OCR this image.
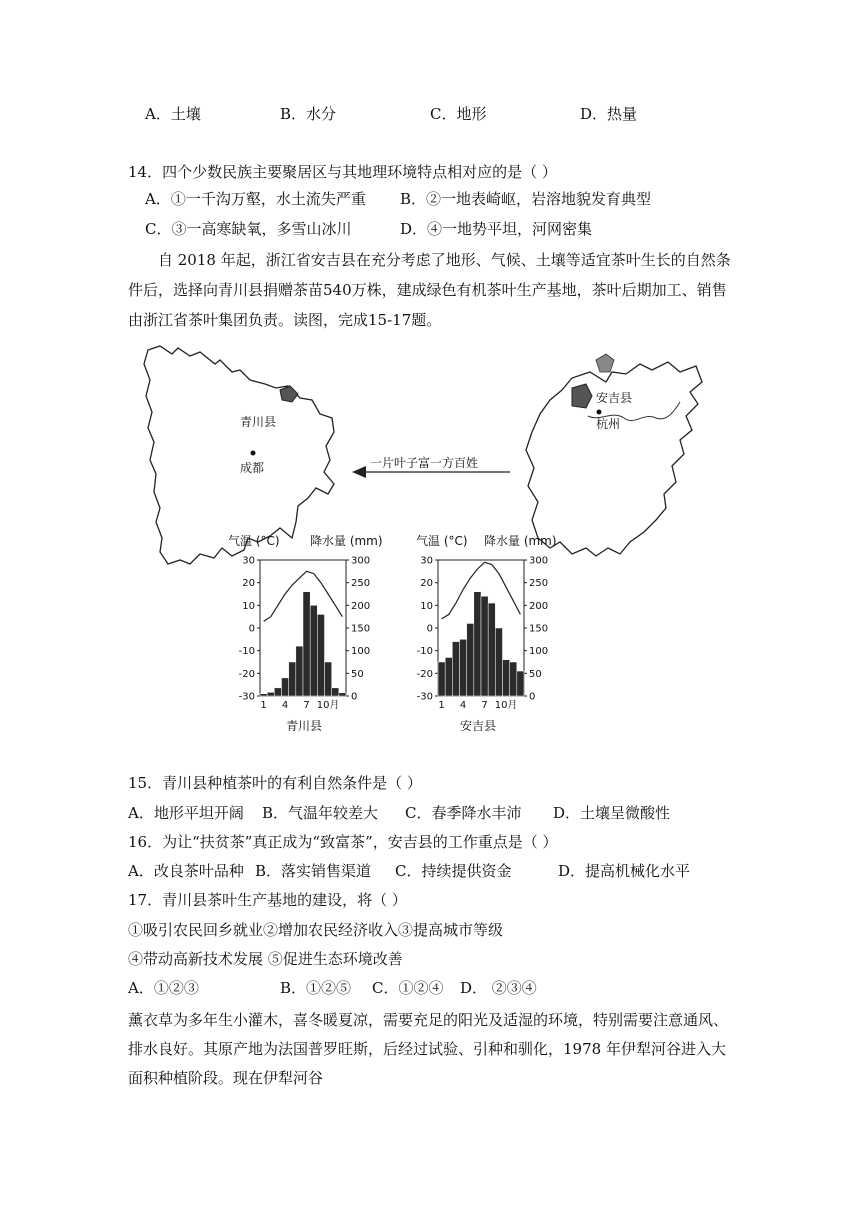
A．土壤	B．水分	C．地形	D．热量
14．四个少数民族主要聚居区与其地理环境特点相对应的是（ ）
A．①一千沟万壑，水土流失严重 B．②一地表崎岖，岩溶地貌发育典型
C．③一高寒缺氧，多雪山冰川	D．④一地势平坦，河网密集
自 2018 年起，浙江省安吉县在充分考虑了地形、气候、土壤等适宜茶叶生长的自然条
件后，选择向青川县捐赠茶苗540万株，建成绿色有机茶叶生产基地，茶叶后期加工、销售
由浙江省茶叶集团负责。读图，完成15-17题。
青川县
成都
安吉县
杭州
一片叶子富一方百姓
气温 (°C)	降水量 (mm)
30
20
10
0
-10
-20
-30
300
250
200
150
100
50
0
1 4 7 10月
青川县
气温 (°C) 降水量 (mm)
30
20
10
0
-10
-20
-30
300
250
200
150
100
50
0
1 4 7 10月
安吉县
15．青川县种植茶叶的有利自然条件是（ ）
A．地形平坦开阔 B．气温年较差大 C．春季降水丰沛 D．土壤呈微酸性
16．为让“扶贫茶”真正成为“致富茶”，安吉县的工作重点是（ ）
A．改良茶叶品种 B．落实销售渠道 C．持续提供资金	D．提高机械化水平
17．青川县茶叶生产基地的建设，将（ ）
①吸引农民回乡就业②增加农民经济收入③提高城市等级
④带动高新技术发展 ⑤促进生态环境改善
A．①②③	B．①②⑤ C．①②④ D． ②③④
薰衣草为多年生小灌木，喜冬暖夏凉，需要充足的阳光及适湿的环境，特别需要注意通风、
排水良好。其原产地为法国普罗旺斯，后经过试验、引种和驯化，1978 年伊犁河谷进入大
面积种植阶段。现在伊犁河谷
